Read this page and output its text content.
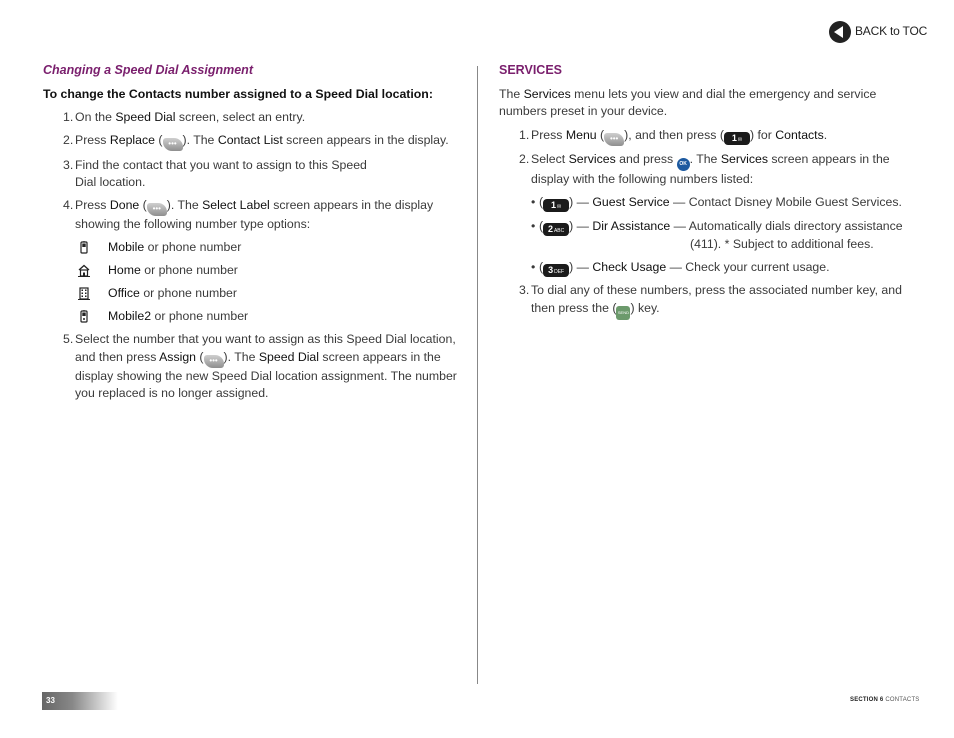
BACK to TOC
Changing a Speed Dial Assignment
To change the Contacts number assigned to a Speed Dial location:
1. On the Speed Dial screen, select an entry.
2. Press Replace ( ••• ). The Contact List screen appears in the display.
3. Find the contact that you want to assign to this Speed
Dial location.
4. Press Done ( ••• ). The Select Label screen appears in the display showing the following number type options:
Mobile or phone number
Home or phone number
Office or phone number
Mobile2 or phone number
5. Select the number that you want to assign as this Speed Dial location, and then press Assign ( ••• ). The Speed Dial screen appears in the display showing the new Speed Dial location assignment. The number you replaced is no longer assigned.
SERVICES

The Services menu lets you view and dial the emergency and service numbers preset in your device.

1. Press Menu ( ••• ), and then press ( 1✉ ) for Contacts.
2. Select Services and press OK . The Services screen appears in the display with the following numbers listed:
• ( 1✉ ) — Guest Service — Contact Disney Mobile Guest Services.
• ( 2ABC ) — Dir Assistance — Automatically dials directory assistance
(411). * Subject to additional fees.
• ( 3DEF ) — Check Usage — Check your current usage.
3. To dial any of these numbers, press the associated number key, and then press the (SEND) key.
33	SECTION 6 CONTACTS
